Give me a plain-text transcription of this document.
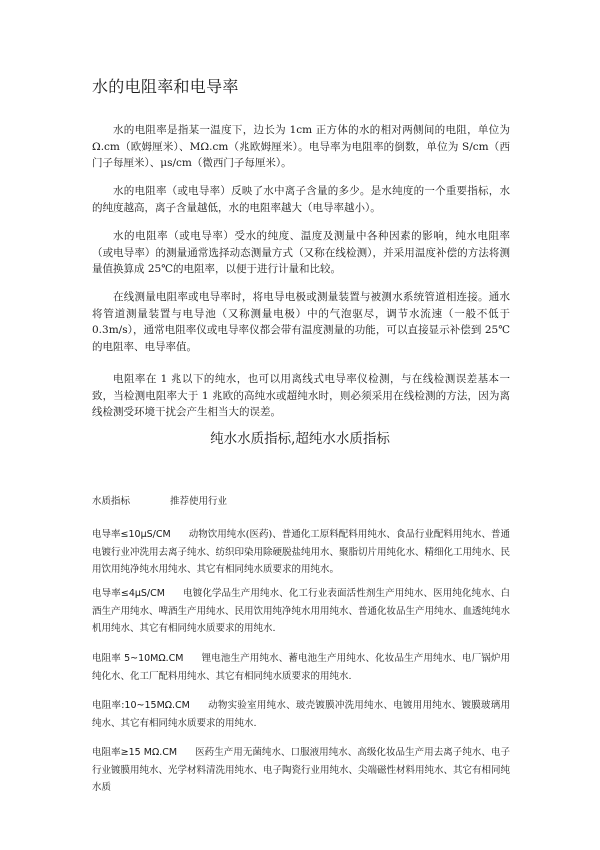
水的电阻率和电导率

水的电阻率是指某一温度下，边长为 1cm 正方体的水的相对两侧间的电阻，单位为 Ω.cm（欧姆厘米）、MΩ.cm（兆欧姆厘米）。电导率为电阻率的倒数，单位为 S/cm（西门子每厘米）、μs/cm（微西门子每厘米）。

水的电阻率（或电导率）反映了水中离子含量的多少。是水纯度的一个重要指标，水的纯度越高，离子含量越低，水的电阻率越大（电导率越小）。

水的电阻率（或电导率）受水的纯度、温度及测量中各种因素的影响，纯水电阻率（或电导率）的测量通常选择动态测量方式（又称在线检测），并采用温度补偿的方法将测量值换算成 25℃的电阻率，以便于进行计量和比较。

在线测量电阻率或电导率时，将电导电极或测量装置与被测水系统管道相连接。通水将管道测量装置与电导池（又称测量电极）中的气泡驱尽，调节水流速（一般不低于 0.3m/s），通常电阻率仪或电导率仪都会带有温度测量的功能，可以直接显示补偿到 25℃的电阻率、电导率值。

电阻率在 1 兆以下的纯水，也可以用离线式电导率仪检测，与在线检测误差基本一致，当检测电阻率大于 1 兆欧的高纯水或超纯水时，则必须采用在线检测的方法，因为离线检测受环境干扰会产生相当大的误差。

纯水水质指标,超纯水水质指标
水质指标	推荐使用行业

电导率≤10μS/CM 动物饮用纯水(医药)、普通化工原料配料用纯水、食品行业配料用纯水、普通电镀行业冲洗用去离子纯水、纺织印染用除硬脱盐纯用水、聚脂切片用纯化水、精细化工用纯水、民用饮用纯净纯水用纯水、其它有相同纯水质要求的用纯水。

电导率≤4μS/CM 电镀化学品生产用纯水、化工行业表面活性剂生产用纯水、医用纯化纯水、白酒生产用纯水、啤酒生产用纯水、民用饮用纯净纯水用用纯水、普通化妆品生产用纯水、血透纯纯水机用纯水、其它有相同纯水质要求的用纯水.

电阻率 5~10MΩ.CM 锂电池生产用纯水、蓄电池生产用纯水、化妆品生产用纯水、电厂锅炉用纯化水、化工厂配料用纯水、其它有相同纯水质要求的用纯水.

电阻率:10~15MΩ.CM 动物实验室用纯水、玻壳镀膜冲洗用纯水、电镀用用纯水、镀膜玻璃用纯水、其它有相同纯水质要求的用纯水.

电阻率≥15 MΩ.CM 医药生产用无菌纯水、口服液用纯水、高级化妆品生产用去离子纯水、电子行业镀膜用纯水、光学材料清洗用纯水、电子陶瓷行业用纯水、尖端磁性材料用纯水、其它有相同纯水质
